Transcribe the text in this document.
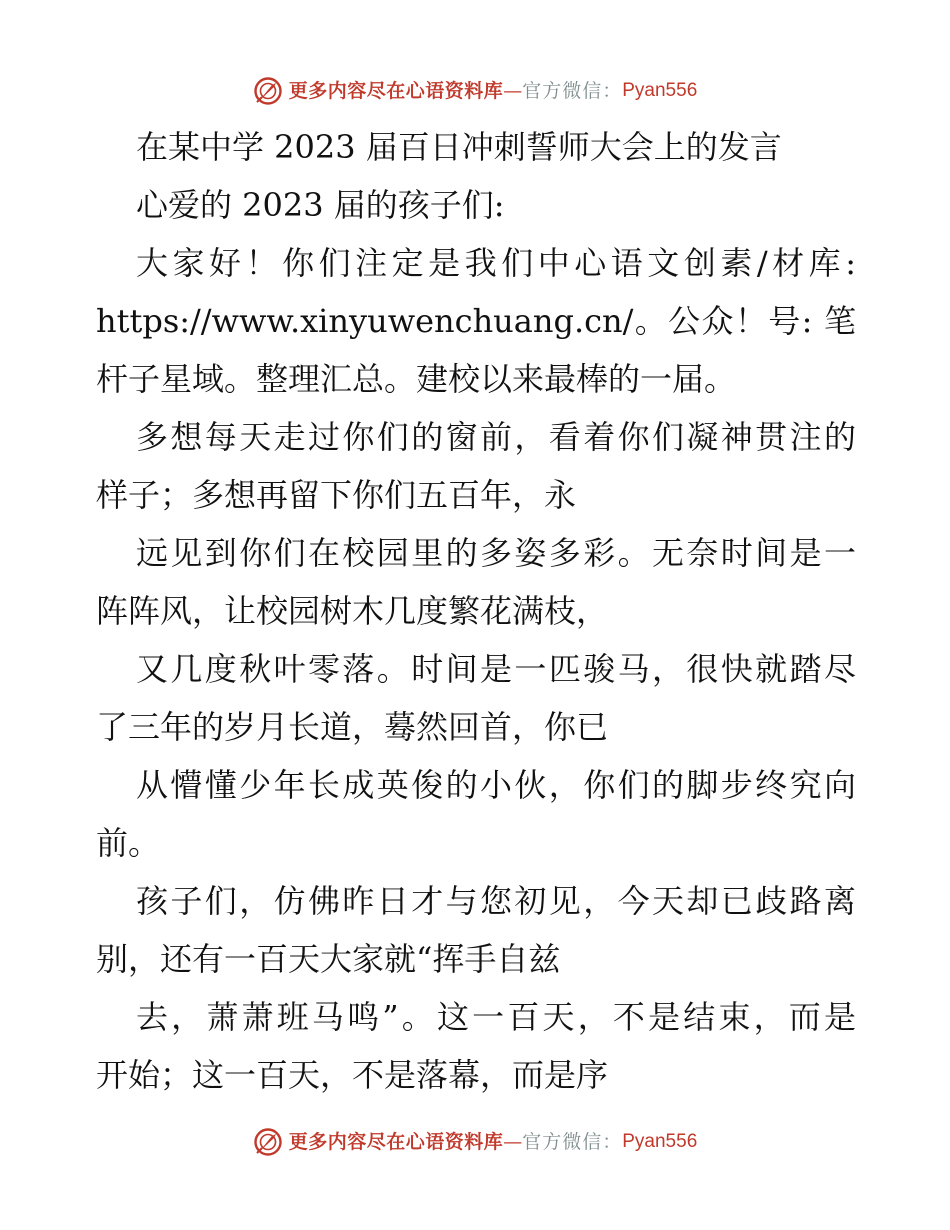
更多内容尽在心语资料库 — 官方微信： Pyan556
在某中学 2023 届百日冲刺誓师大会上的发言
心爱的 2023 届的孩子们:
大家好！你们注定是我们中心语文创素/材库:
https://www.xinyuwenchuang.cn/。公众！号: 笔
杆子星域。整理汇总。建校以来最棒的一届。
多想每天走过你们的窗前，看着你们凝神贯注的
样子；多想再留下你们五百年，永
远见到你们在校园里的多姿多彩。无奈时间是一
阵阵风，让校园树木几度繁花满枝，
又几度秋叶零落。时间是一匹骏马，很快就踏尽
了三年的岁月长道，蓦然回首，你已
从懵懂少年长成英俊的小伙，你们的脚步终究向
前。
孩子们，仿佛昨日才与您初见，今天却已歧路离
别，还有一百天大家就“挥手自兹
去，萧萧班马鸣”。这一百天，不是结束，而是
开始；这一百天，不是落幕，而是序
更多内容尽在心语资料库 — 官方微信： Pyan556
